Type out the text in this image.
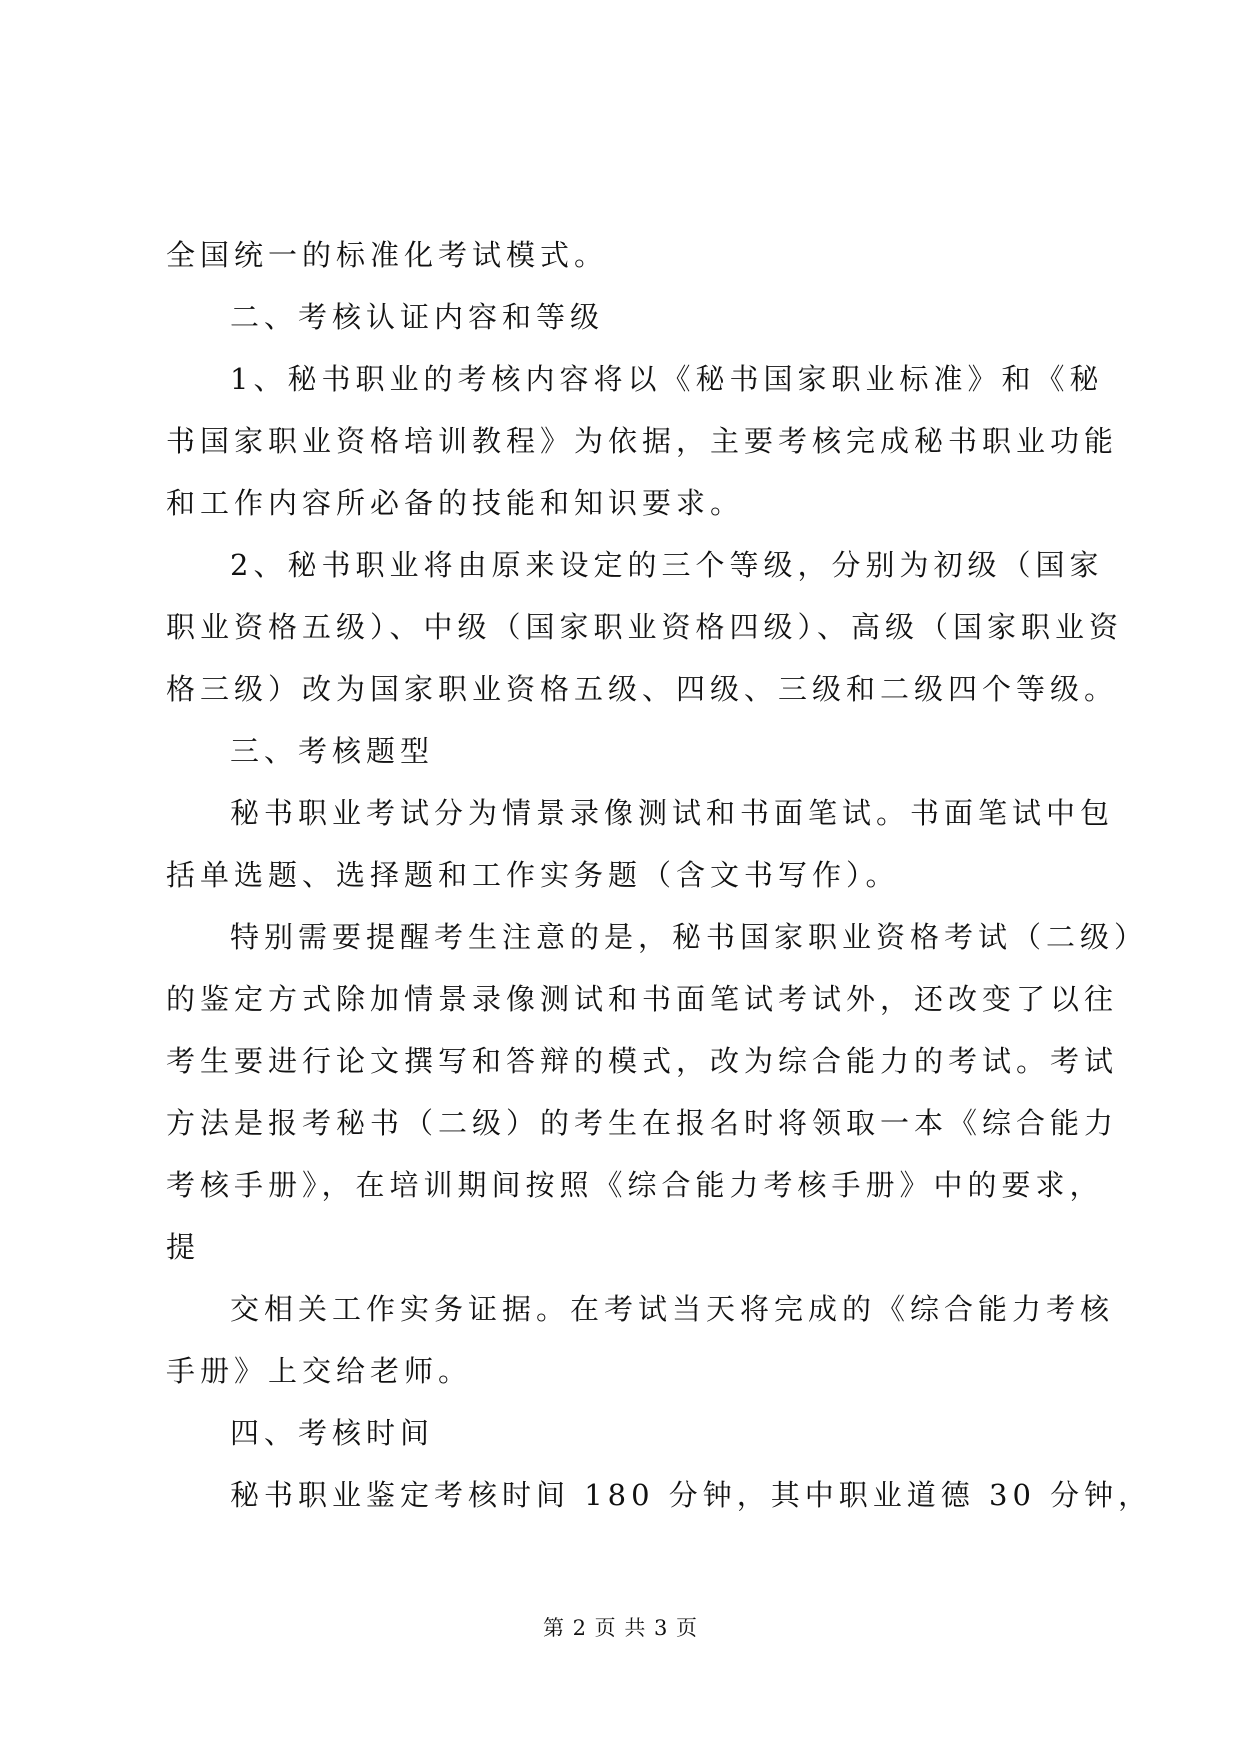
全国统一的标准化考试模式。
二、考核认证内容和等级
1、秘书职业的考核内容将以《秘书国家职业标准》和《秘
书国家职业资格培训教程》为依据，主要考核完成秘书职业功能
和工作内容所必备的技能和知识要求。
2、秘书职业将由原来设定的三个等级，分别为初级（国家
职业资格五级）、中级（国家职业资格四级）、高级（国家职业资
格三级）改为国家职业资格五级、四级、三级和二级四个等级。
三、考核题型
秘书职业考试分为情景录像测试和书面笔试。书面笔试中包
括单选题、选择题和工作实务题（含文书写作）。
特别需要提醒考生注意的是，秘书国家职业资格考试（二级）
的鉴定方式除加情景录像测试和书面笔试考试外，还改变了以往
考生要进行论文撰写和答辩的模式，改为综合能力的考试。考试
方法是报考秘书（二级）的考生在报名时将领取一本《综合能力
考核手册》，在培训期间按照《综合能力考核手册》中的要求，
提
交相关工作实务证据。在考试当天将完成的《综合能力考核
手册》上交给老师。
四、考核时间
秘书职业鉴定考核时间 180 分钟，其中职业道德 30 分钟，
第 2 页 共 3 页
